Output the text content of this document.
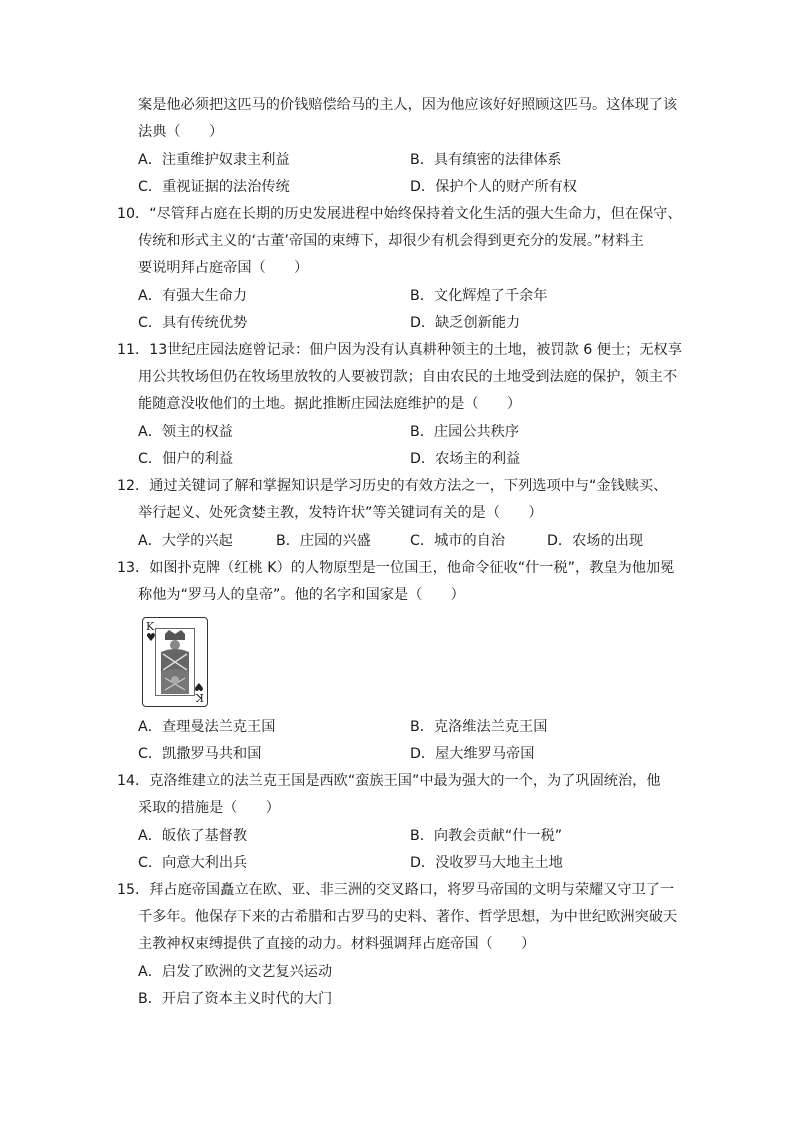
案是他必须把这匹马的价钱赔偿给马的主人，因为他应该好好照顾这匹马。这体现了该
法典（　　）
A．注重维护奴隶主利益	B．具有缜密的法律体系
C．重视证据的法治传统	D．保护个人的财产所有权
10．“尽管拜占庭在长期的历史发展进程中始终保持着文化生活的强大生命力，但在保守、
传统和形式主义的‘古董’帝国的束缚下，却很少有机会得到更充分的发展。”材料主
要说明拜占庭帝国（　　）
A．有强大生命力	B．文化辉煌了千余年
C．具有传统优势	D．缺乏创新能力
11．13世纪庄园法庭曾记录：佃户因为没有认真耕种领主的土地，被罚款 6 便士；无权享
用公共牧场但仍在牧场里放牧的人要被罚款；自由农民的土地受到法庭的保护，领主不
能随意没收他们的土地。据此推断庄园法庭维护的是（　　）
A．领主的权益	B．庄园公共秩序
C．佃户的利益	D．农场主的利益
12．通过关键词了解和掌握知识是学习历史的有效方法之一，下列选项中与“金钱赎买、
举行起义、处死贪婪主教，发特许状”等关键词有关的是（　　）
A．大学的兴起	B．庄园的兴盛	C．城市的自治	D．农场的出现
13．如图扑克牌（红桃 K）的人物原型是一位国王，他命令征收“什一税”，教皇为他加冕
称他为“罗马人的皇帝”。他的名字和国家是（　　）
K
♥
K
♥
A．查理曼法兰克王国	B．克洛维法兰克王国
C．凯撒罗马共和国	D．屋大维罗马帝国
14．克洛维建立的法兰克王国是西欧“蛮族王国”中最为强大的一个，为了巩固统治，他
采取的措施是（　　）
A．皈依了基督教	B．向教会贡献“什一税”
C．向意大利出兵	D．没收罗马大地主土地
15．拜占庭帝国矗立在欧、亚、非三洲的交叉路口，将罗马帝国的文明与荣耀又守卫了一
千多年。他保存下来的古希腊和古罗马的史料、著作、哲学思想，为中世纪欧洲突破天
主教神权束缚提供了直接的动力。材料强调拜占庭帝国（　　）
A．启发了欧洲的文艺复兴运动
B．开启了资本主义时代的大门
